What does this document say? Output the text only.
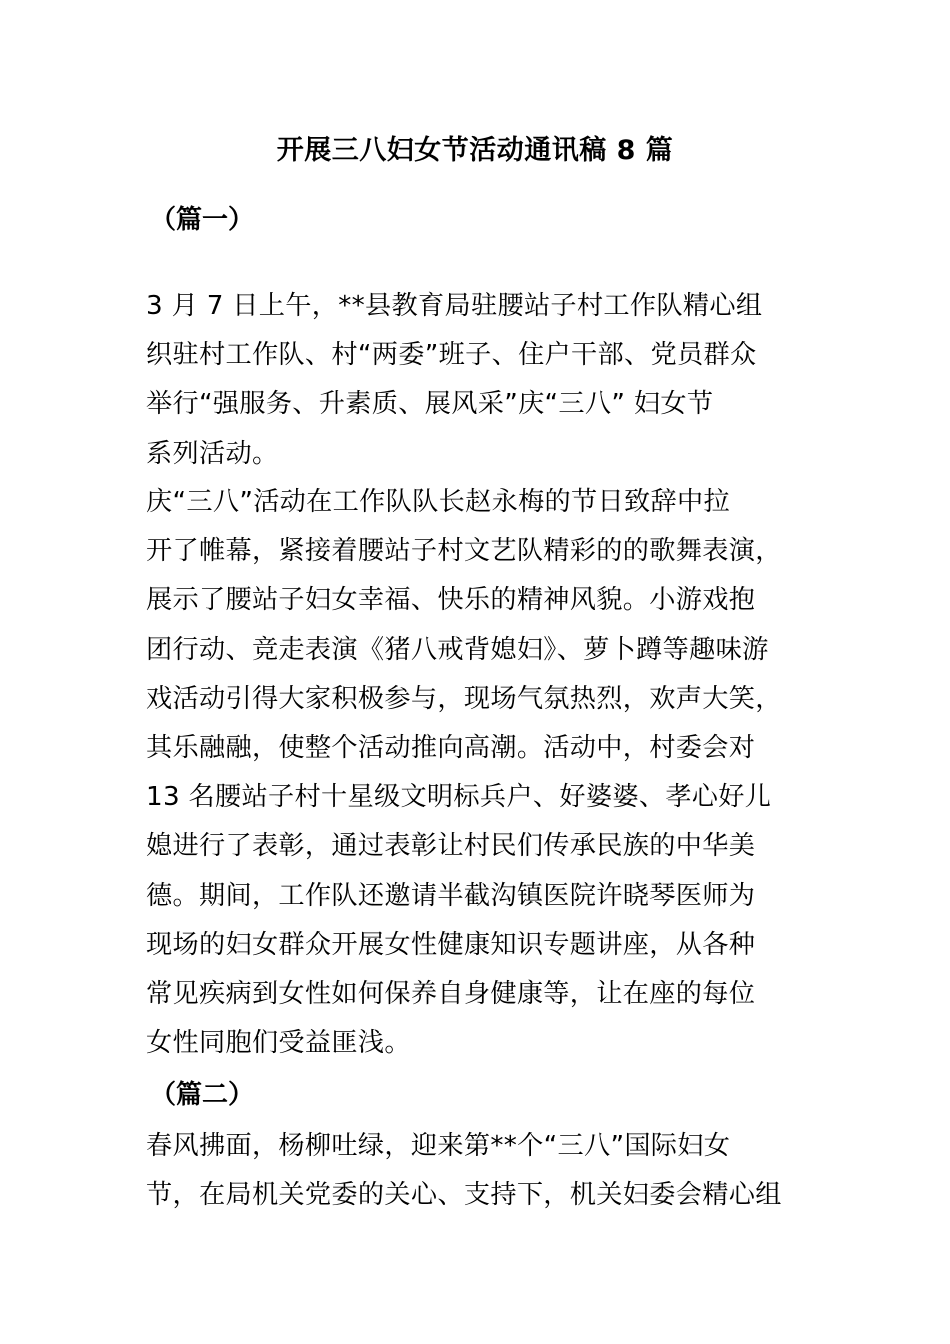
开展三八妇女节活动通讯稿 8 篇
（篇一）
3 月 7 日上午，**县教育局驻腰站子村工作队精心组
织驻村工作队、村“两委”班子、住户干部、党员群众
举行“强服务、升素质、展风采”庆“三八” 妇女节
系列活动。
庆“三八”活动在工作队队长赵永梅的节日致辞中拉
开了帷幕，紧接着腰站子村文艺队精彩的的歌舞表演，
展示了腰站子妇女幸福、快乐的精神风貌。小游戏抱
团行动、竞走表演《猪八戒背媳妇》、萝卜蹲等趣味游
戏活动引得大家积极参与，现场气氛热烈，欢声大笑，
其乐融融，使整个活动推向高潮。活动中，村委会对
13 名腰站子村十星级文明标兵户、好婆婆、孝心好儿
媳进行了表彰，通过表彰让村民们传承民族的中华美
德。期间，工作队还邀请半截沟镇医院许晓琴医师为
现场的妇女群众开展女性健康知识专题讲座，从各种
常见疾病到女性如何保养自身健康等，让在座的每位
女性同胞们受益匪浅。
（篇二）
春风拂面，杨柳吐绿，迎来第**个“三八”国际妇女
节，在局机关党委的关心、支持下，机关妇委会精心组
